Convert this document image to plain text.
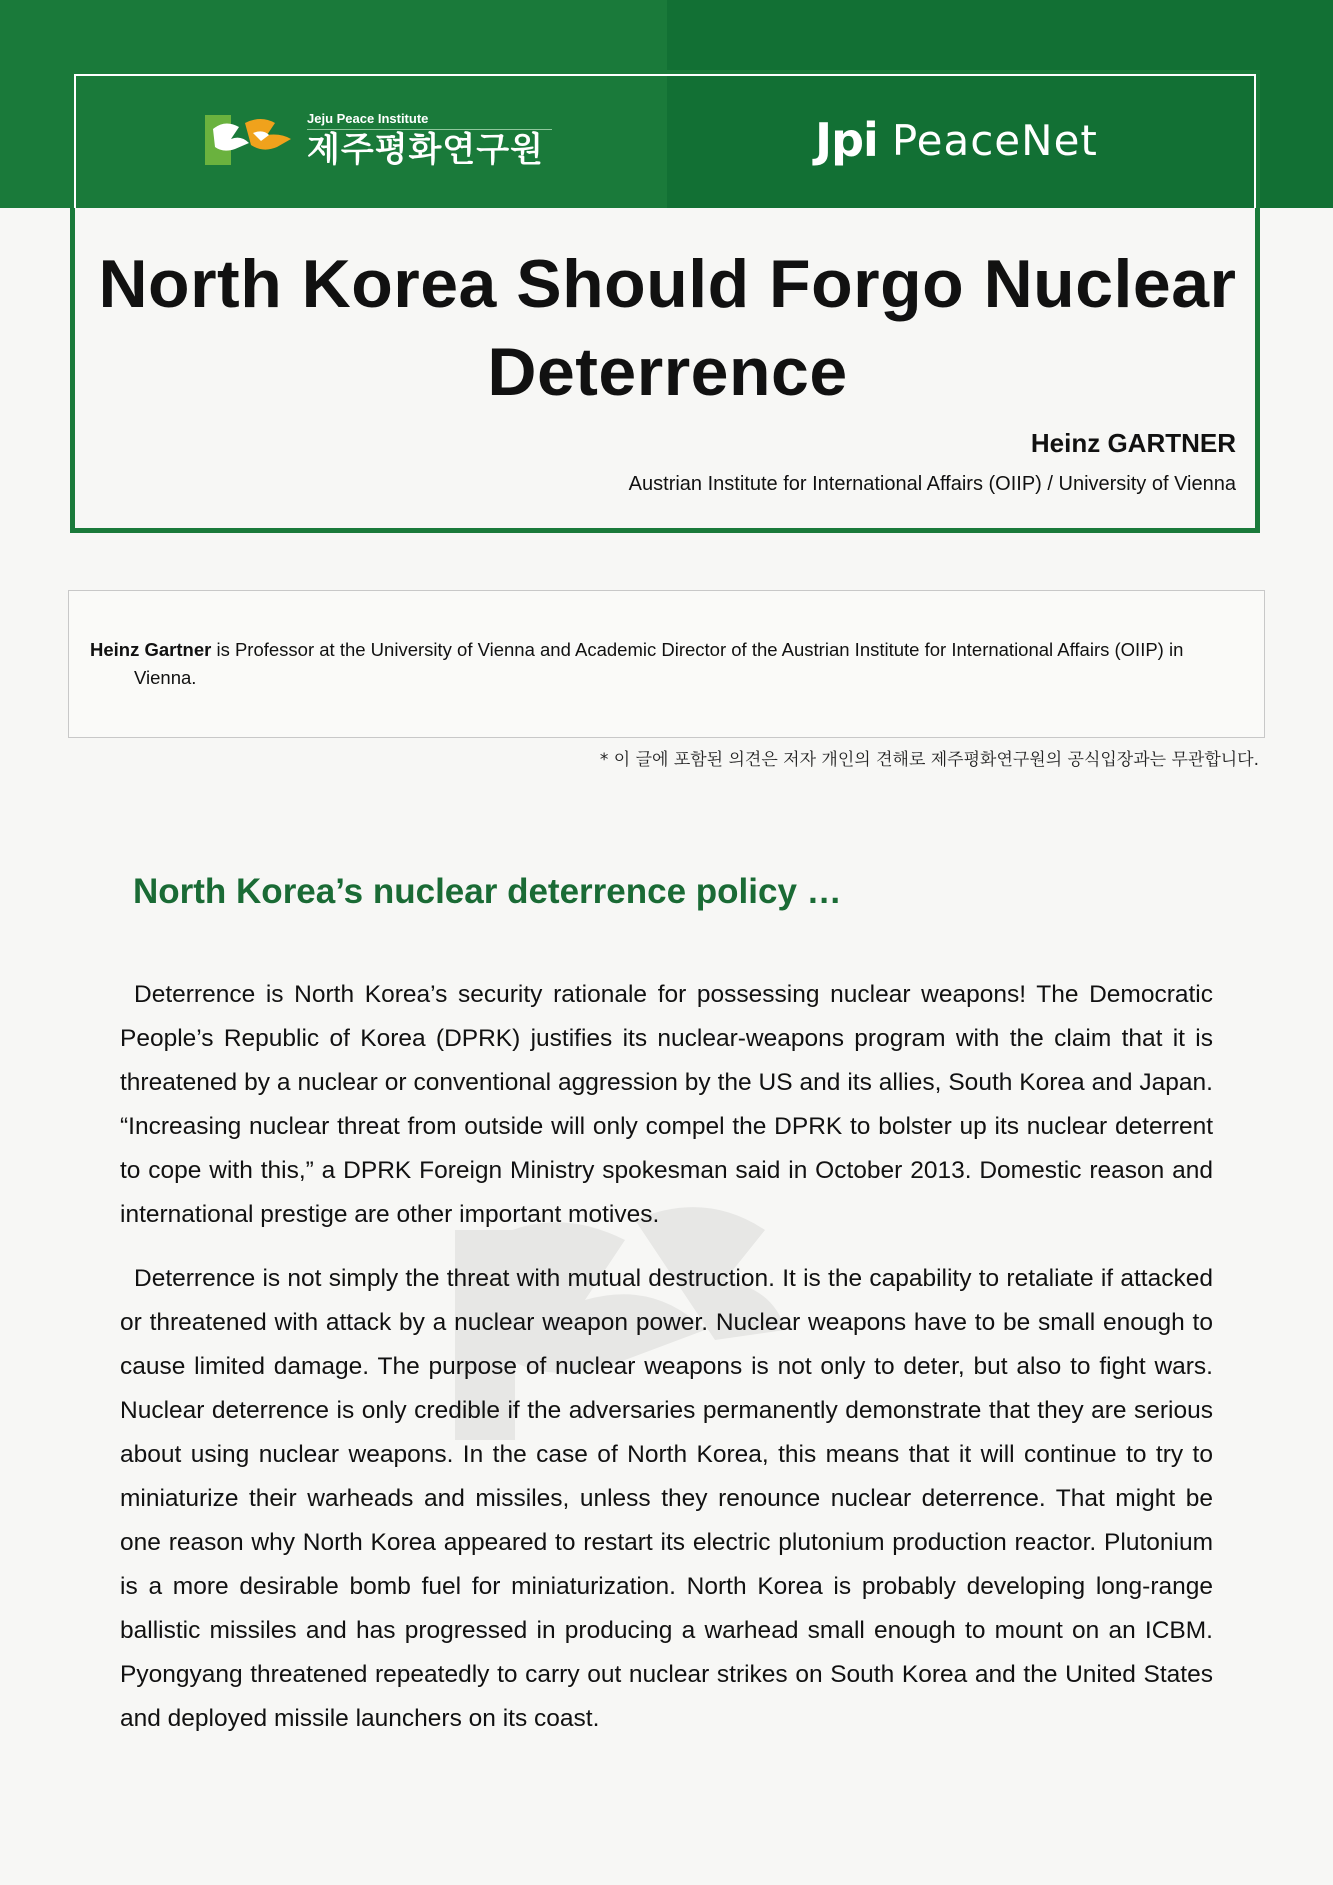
Jeju Peace Institute
제주평화연구원	Jpi PeaceNet
North Korea Should Forgo Nuclear Deterrence
Heinz GARTNER
Austrian Institute for International Affairs (OIIP) / University of Vienna
Heinz Gartner is Professor at the University of Vienna and Academic Director of the Austrian Institute for International Affairs (OIIP) in
Vienna.
* 이 글에 포함된 의견은 저자 개인의 견해로 제주평화연구원의 공식입장과는 무관합니다.
North Korea’s nuclear deterrence policy …

Deterrence is North Korea’s security rationale for possessing nuclear weapons! The Democratic People’s Republic of Korea (DPRK) justifies its nuclear-weapons program with the claim that it is threatened by a nuclear or conventional aggression by the US and its allies, South Korea and Japan. “Increasing nuclear threat from outside will only compel the DPRK to bolster up its nuclear deterrent to cope with this,” a DPRK Foreign Ministry spokesman said in October 2013. Domestic reason and international prestige are other important motives.

Deterrence is not simply the threat with mutual destruction. It is the capability to retaliate if attacked or threatened with attack by a nuclear weapon power. Nuclear weapons have to be small enough to cause limited damage. The purpose of nuclear weapons is not only to deter, but also to fight wars. Nuclear deterrence is only credible if the adversaries permanently demonstrate that they are serious about using nuclear weapons. In the case of North Korea, this means that it will continue to try to miniaturize their warheads and missiles, unless they renounce nuclear deterrence. That might be one reason why North Korea appeared to restart its electric plutonium production reactor. Plutonium is a more desirable bomb fuel for miniaturization. North Korea is probably developing long-range ballistic missiles and has progressed in producing a warhead small enough to mount on an ICBM. Pyongyang threatened repeatedly to carry out nuclear strikes on South Korea and the United States and deployed missile launchers on its coast.
